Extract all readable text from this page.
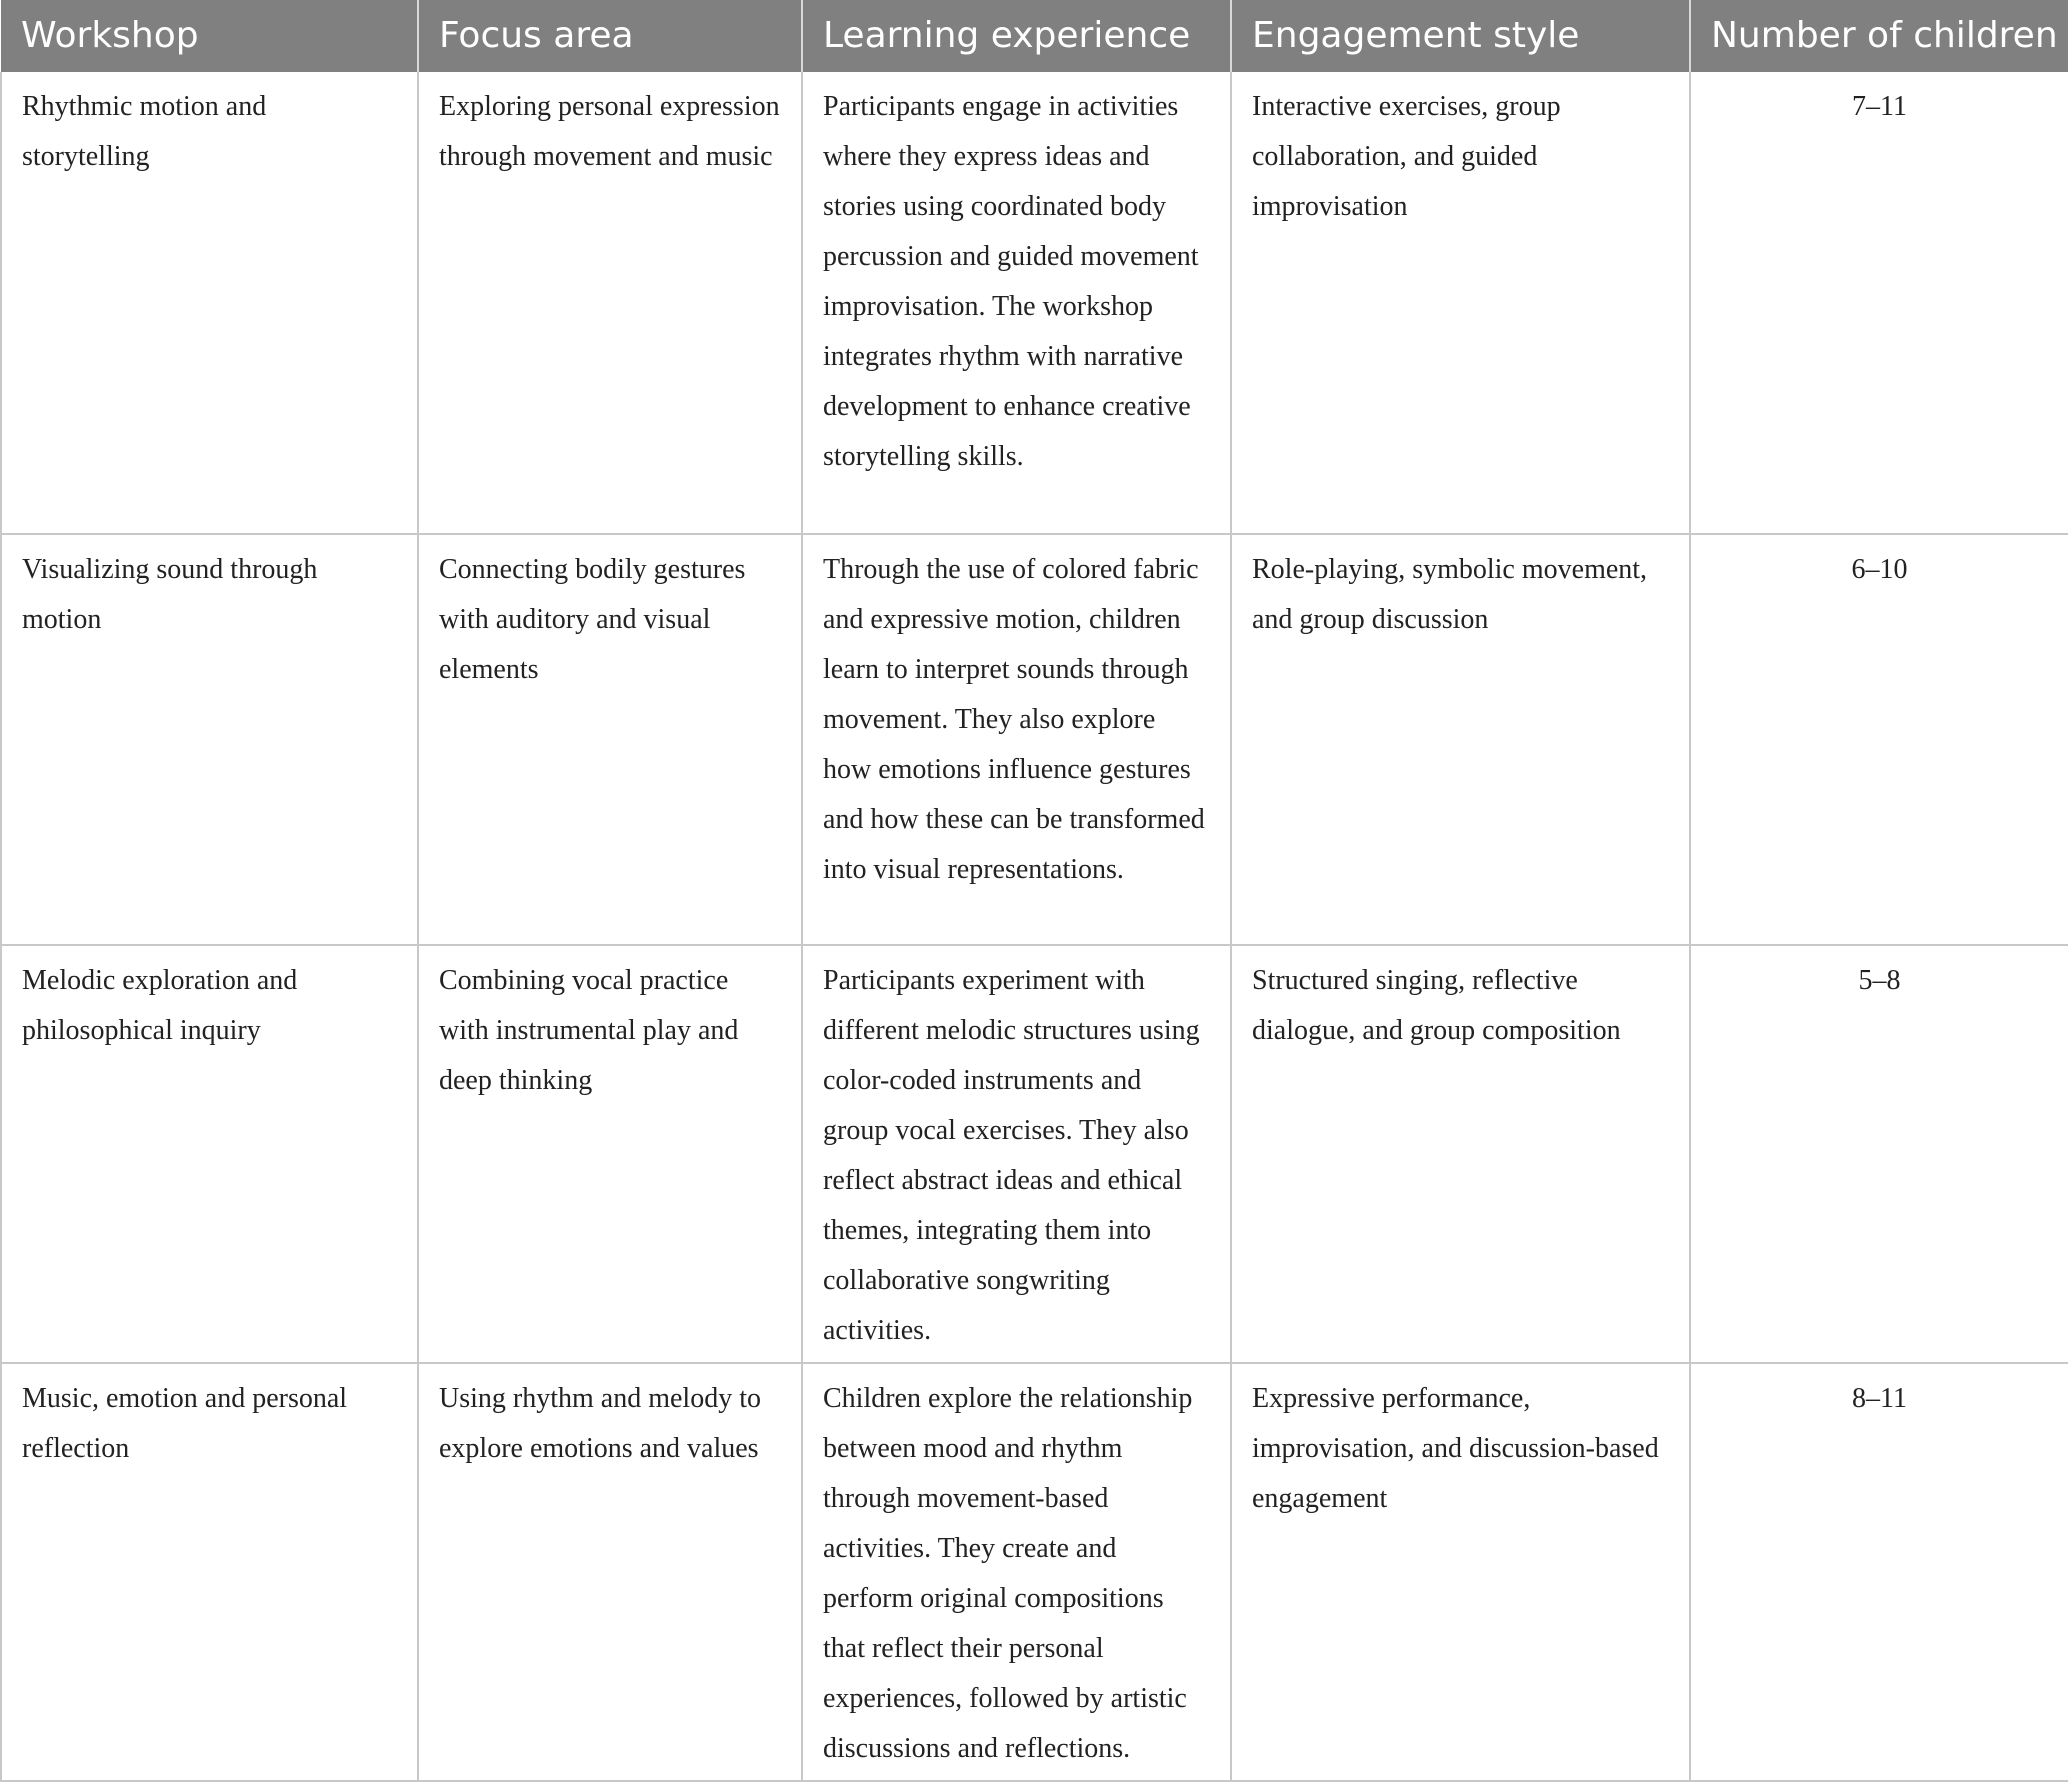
Workshop	Focus area	Learning experience	Engagement style	Number of children
Rhythmic motion and storytelling	Exploring personal expression through movement and music	Participants engage in activities where they express ideas and stories using coordinated body percussion and guided movement improvisation. The workshop integrates rhythm with narrative development to enhance creative storytelling skills.	Interactive exercises, group collaboration, and guided improvisation	7–11
Visualizing sound through motion	Connecting bodily gestures with auditory and visual elements	Through the use of colored fabric and expressive motion, children learn to interpret sounds through movement. They also explore how emotions influence gestures and how these can be transformed into visual representations.	Role-playing, symbolic movement, and group discussion	6–10
Melodic exploration and philosophical inquiry	Combining vocal practice with instrumental play and deep thinking	Participants experiment with different melodic structures using color-coded instruments and group vocal exercises. They also reflect abstract ideas and ethical themes, integrating them into collaborative songwriting activities.	Structured singing, reflective dialogue, and group composition	5–8
Music, emotion and personal reflection	Using rhythm and melody to explore emotions and values	Children explore the relationship between mood and rhythm through movement-based activities. They create and perform original compositions that reflect their personal experiences, followed by artistic discussions and reflections.	Expressive performance, improvisation, and discussion-based engagement	8–11
